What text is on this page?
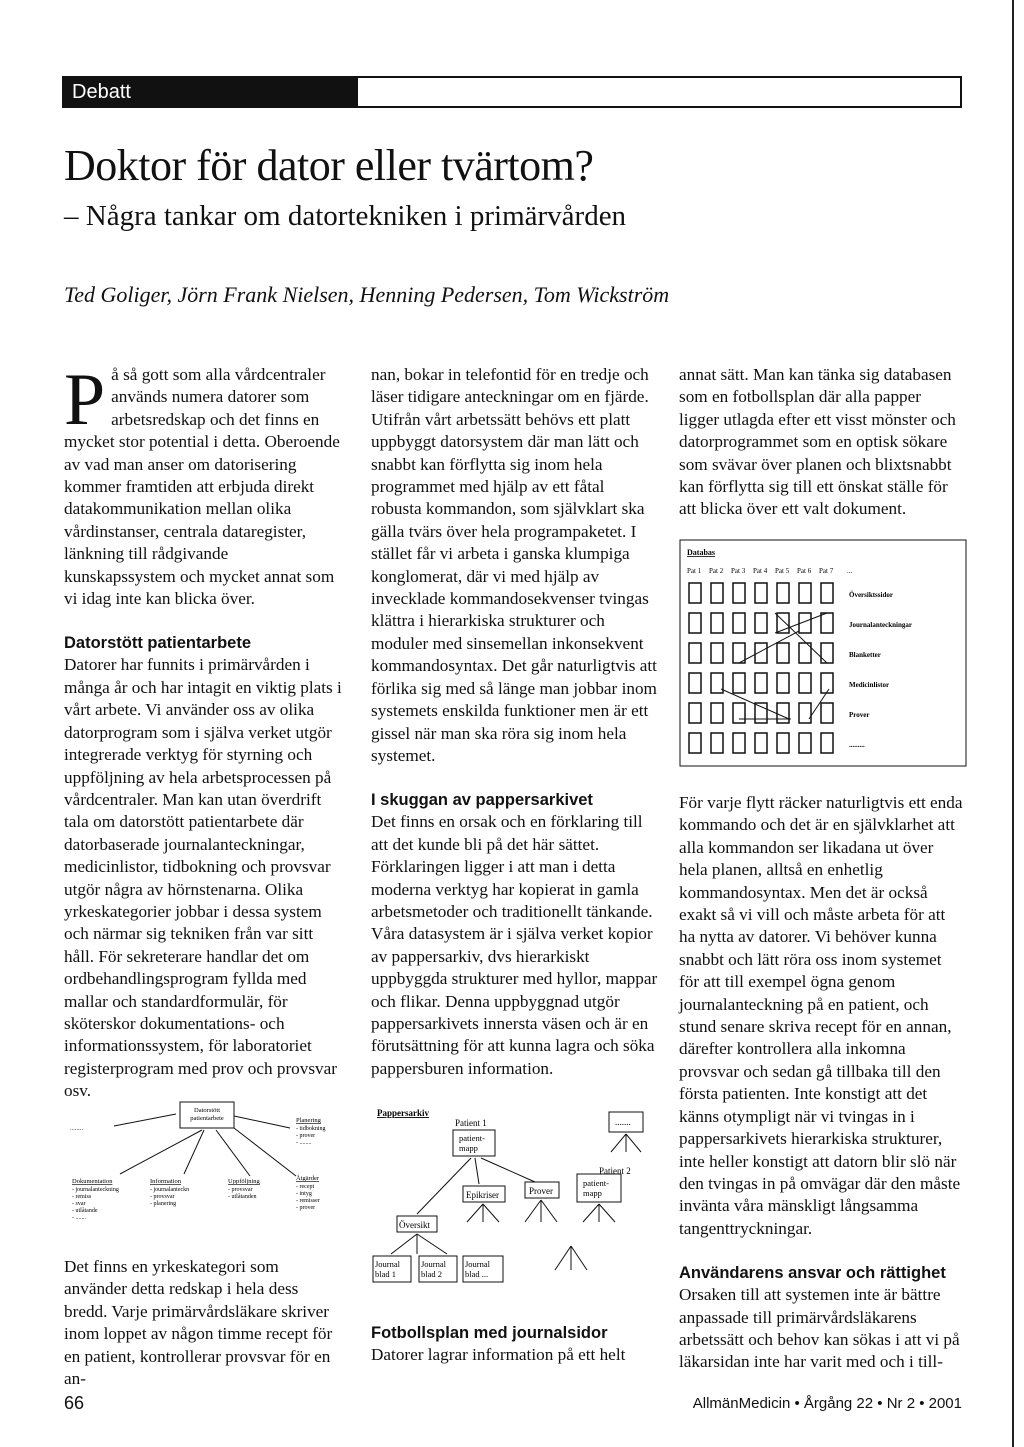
Debatt
Doktor för dator eller tvärtom?
– Några tankar om datortekniken i primärvården

Ted Goliger, Jörn Frank Nielsen, Henning Pedersen, Tom Wickström

På så gott som alla vårdcentraler används numera datorer som arbetsredskap och det finns en mycket stor potential i detta. Oberoende av vad man anser om datorisering kommer framtiden att erbjuda direkt datakommunikation mellan olika vårdinstanser, centrala dataregister, länkning till rådgivande kunskapssystem och mycket annat som vi idag inte kan blicka över.

Datorstött patientarbete

Datorer har funnits i primärvården i många år och har intagit en viktig plats i vårt arbete. Vi använder oss av olika datorprogram som i själva verket utgör integrerade verktyg för styrning och uppföljning av hela arbetsprocessen på vårdcentraler. Man kan utan överdrift tala om datorstött patientarbete där datorbaserade journalanteckningar, medicinlistor, tidbokning och provsvar utgör några av hörnstenarna. Olika yrkeskategorier jobbar i dessa system och närmar sig tekniken från var sitt håll. För sekreterare handlar det om ordbehandlingsprogram fyllda med mallar och standardformulär, för sköterskor dokumentations- och informationssystem, för laboratoriet registerprogram med prov och provsvar osv.

Datorstött patientarbete
........
Planering
- tidbokning
- prover
- ........
Dokumentation
- journalanteckning
- remiss
- svar
- utlåtande
- .......
Information
- journalanteckn
- provsvar
- planering
Uppföljning
- provsvar
- utlåtanden
Åtgärder
- recept
- intyg
- remisser
- prover

Det finns en yrkeskategori som använder detta redskap i hela dess bredd. Varje primärvårdsläkare skriver inom loppet av någon timme recept för en patient, kontrollerar provsvar för en an-

nan, bokar in telefontid för en tredje och läser tidigare anteckningar om en fjärde. Utifrån vårt arbetssätt behövs ett platt uppbyggt datorsystem där man lätt och snabbt kan förflytta sig inom hela programmet med hjälp av ett fåtal robusta kommandon, som självklart ska gälla tvärs över hela programpaketet. I stället får vi arbeta i ganska klumpiga konglomerat, där vi med hjälp av invecklade kommandosekvenser tvingas klättra i hierarkiska strukturer och moduler med sinsemellan inkonsekvent kommandosyntax. Det går naturligtvis att förlika sig med så länge man jobbar inom systemets enskilda funktioner men är ett gissel när man ska röra sig inom hela systemet.

I skuggan av pappersarkivet

Det finns en orsak och en förklaring till att det kunde bli på det här sättet. Förklaringen ligger i att man i detta moderna verktyg har kopierat in gamla arbetsmetoder och traditionellt tänkande. Våra datasystem är i själva verket kopior av pappersarkiv, dvs hierarkiskt uppbyggda strukturer med hyllor, mappar och flikar. Denna uppbyggnad utgör pappersarkivets innersta väsen och är en förutsättning för att kunna lagra och söka pappersburen information.

Pappersarkiv
Patient 1
patient-mapp
.......
Patient 2
patient-mapp
Prover
Epikriser
Översikt
Journal blad 1
Journal blad 2
Journal blad ...
Fotbollsplan med journalsidor

Datorer lagrar information på ett helt

annat sätt. Man kan tänka sig databasen som en fotbollsplan där alla papper ligger utlagda efter ett visst mönster och datorprogrammet som en optisk sökare som svävar över planen och blixtsnabbt kan förflytta sig till ett önskat ställe för att blicka över ett valt dokument.

Databas
Pat 1 Pat 2 Pat 3 Pat 4 Pat 5 Pat 6 Pat 7 ...
Översiktssidor
Journalanteckningar
Blanketter
Medicinlistor
Prover
.........

För varje flytt räcker naturligtvis ett enda kommando och det är en självklarhet att alla kommandon ser likadana ut över hela planen, alltså en enhetlig kommandosyntax. Men det är också exakt så vi vill och måste arbeta för att ha nytta av datorer. Vi behöver kunna snabbt och lätt röra oss inom systemet för att till exempel ögna genom journalanteckning på en patient, och stund senare skriva recept för en annan, därefter kontrollera alla inkomna provsvar och sedan gå tillbaka till den första patienten. Inte konstigt att det känns otympligt när vi tvingas in i pappersarkivets hierarkiska strukturer, inte heller konstigt att datorn blir slö när den tvingas in på omvägar där den måste invänta våra mänskligt långsamma tangenttryckningar.

Användarens ansvar och rättighet

Orsaken till att systemen inte är bättre anpassade till primärvårdsläkarens arbetssätt och behov kan sökas i att vi på läkarsidan inte har varit med och i till-

66	AllmänMedicin • Årgång 22 • Nr 2 • 2001
